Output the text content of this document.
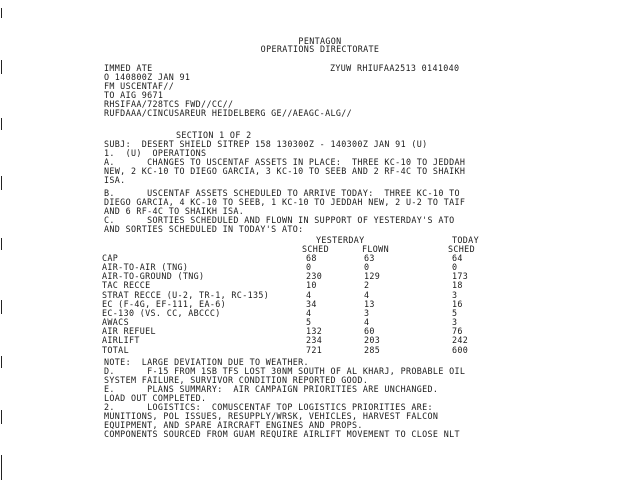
PENTAGON
OPERATIONS DIRECTORATE
IMMED ATE	ZYUW RHIUFAA2513 0141040
O 140800Z JAN 91
FM USCENTAF//
TO AIG 9671
RHSIFAA/728TCS FWD//CC//
RUFDAAA/CINCUSAREUR HEIDELBERG GE//AEAGC-ALG//
SECTION 1 OF 2
SUBJ:  DESERT SHIELD SITREP 158 130300Z - 140300Z JAN 91 (U)
1.  (U)  OPERATIONS
A.      CHANGES TO USCENTAF ASSETS IN PLACE:  THREE KC-10 TO JEDDAH
NEW, 2 KC-10 TO DIEGO GARCIA, 3 KC-10 TO SEEB AND 2 RF-4C TO SHAIKH
ISA.
B.      USCENTAF ASSETS SCHEDULED TO ARRIVE TODAY:  THREE KC-10 TO
DIEGO GARCIA, 4 KC-10 TO SEEB, 1 KC-10 TO JEDDAH NEW, 2 U-2 TO TAIF
AND 6 RF-4C TO SHAIKH ISA.
C.      SORTIES SCHEDULED AND FLOWN IN SUPPORT OF YESTERDAY'S ATO
AND SORTIES SCHEDULED IN TODAY'S ATO:
YESTERDAY	TODAY
SCHED	FLOWN	SCHED
CAP	68	63	64
AIR-TO-AIR (TNG)	0	0	0
AIR-TO-GROUND (TNG)	230	129	173
TAC RECCE	10	2	18
STRAT RECCE (U-2, TR-1, RC-135)	4	4	3
EC (F-4G, EF-111, EA-6)	34	13	16
EC-130 (VS. CC, ABCCC)	4	3	5
AWACS	5	4	3
AIR REFUEL	132	60	76
AIRLIFT	234	203	242
TOTAL	721	285	600
NOTE:  LARGE DEVIATION DUE TO WEATHER.
D.      F-15 FROM 1SB TFS LOST 30NM SOUTH OF AL KHARJ, PROBABLE OIL
SYSTEM FAILURE, SURVIVOR CONDITION REPORTED GOOD.
E.      PLANS SUMMARY:  AIR CAMPAIGN PRIORITIES ARE UNCHANGED.
LOAD OUT COMPLETED.
2.      LOGISTICS:  COMUSCENTAF TOP LOGISTICS PRIORITIES ARE:
MUNITIONS, POL ISSUES, RESUPPLY/WRSK, VEHICLES, HARVEST FALCON
EQUIPMENT, AND SPARE AIRCRAFT ENGINES AND PROPS.
COMPONENTS SOURCED FROM GUAM REQUIRE AIRLIFT MOVEMENT TO CLOSE NLT
